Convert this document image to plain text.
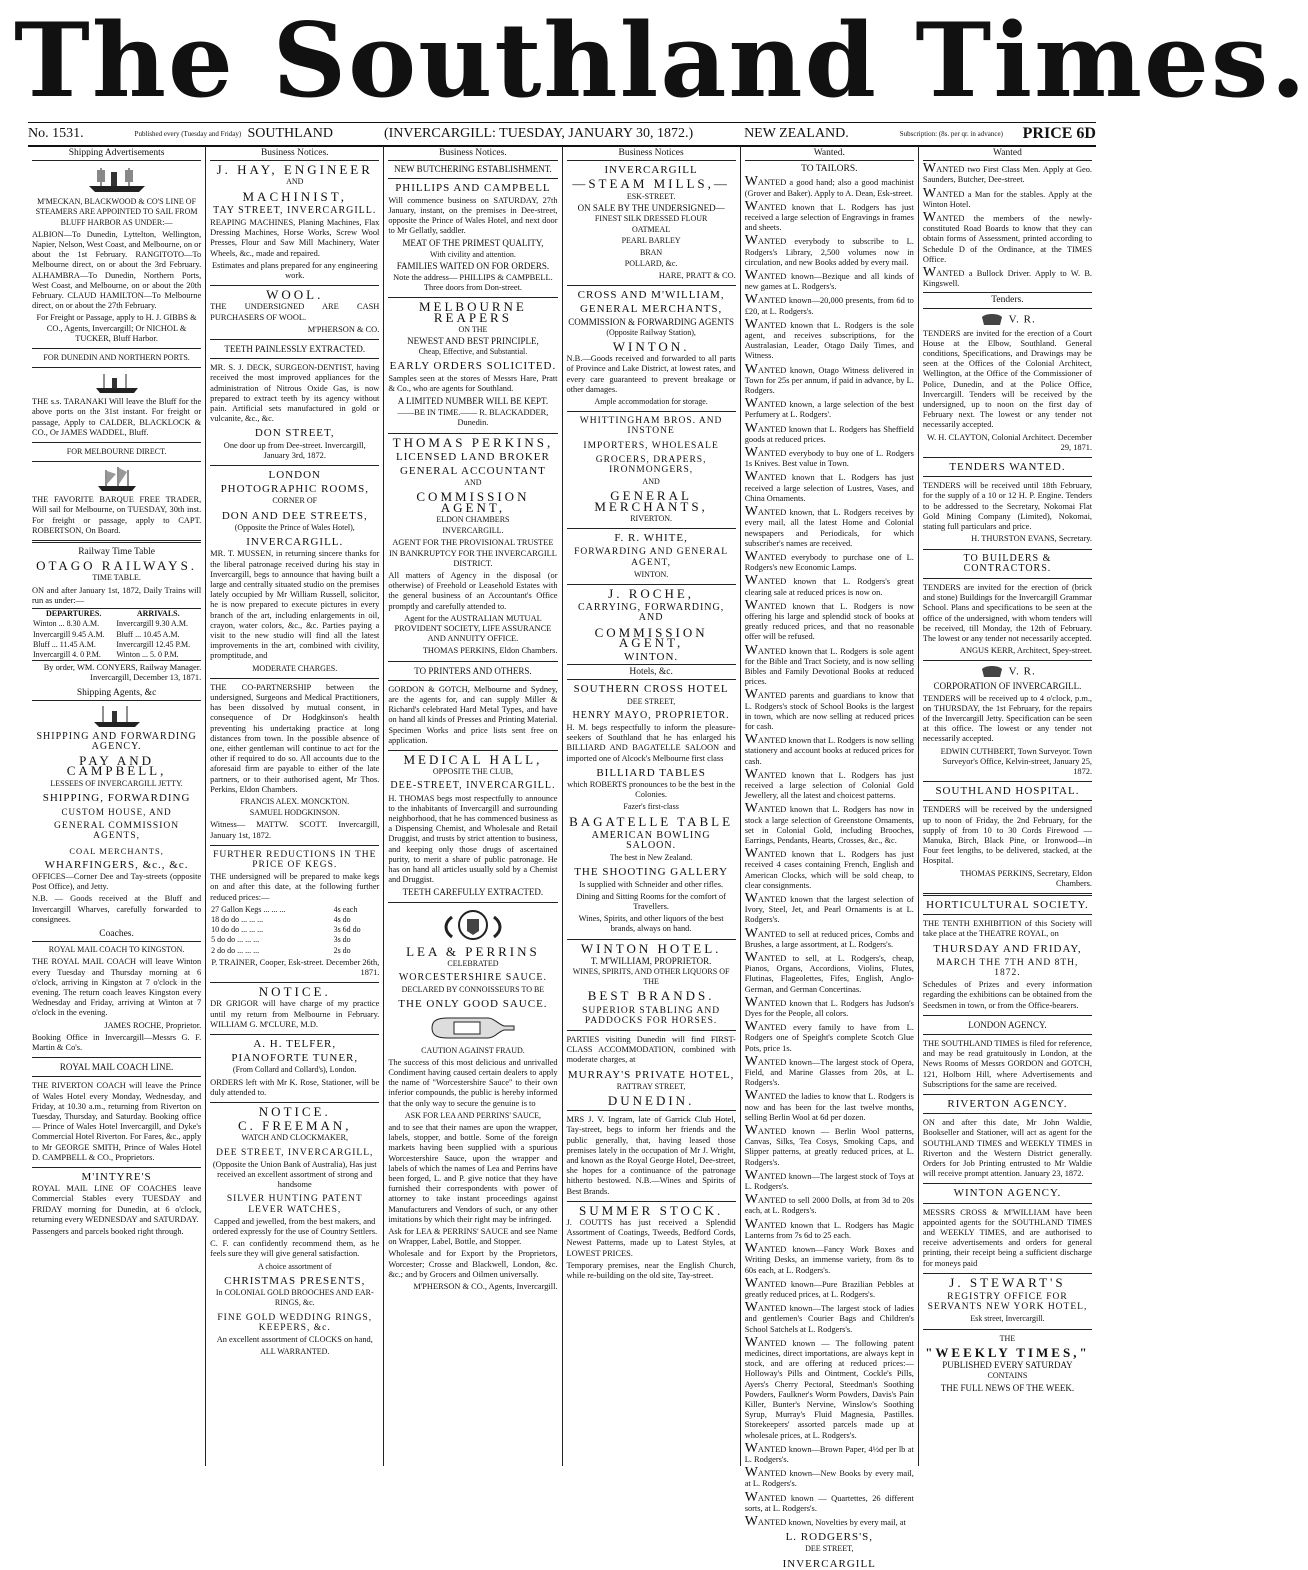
The Southland Times.
No. 1531.	Published every (Tuesday and Friday) SOUTHLAND	(INVERCARGILL: TUESDAY, JANUARY 30, 1872.)	NEW ZEALAND.	Subscription: (8s. per qr. in advance) PRICE 6D
Shipping Advertisements

M'MECKAN, BLACKWOOD & CO'S LINE OF STEAMERS ARE APPOINTED TO SAIL FROM BLUFF HARBOR AS UNDER:—

ALBION—To Dunedin, Lyttelton, Wellington, Napier, Nelson, West Coast, and Melbourne, on or about the 1st February. RANGITOTO—To Melbourne direct, on or about the 3rd February. ALHAMBRA—To Dunedin, Northern Ports, West Coast, and Melbourne, on or about the 20th February. CLAUD HAMILTON—To Melbourne direct, on or about the 27th February.

For Freight or Passage, apply to H. J. GIBBS & CO., Agents, Invercargill; Or NICHOL & TUCKER, Bluff Harbor.

FOR DUNEDIN AND NORTHERN PORTS.

THE s.s. TARANAKI Will leave the Bluff for the above ports on the 31st instant. For freight or passage, Apply to CALDER, BLACKLOCK & CO., Or JAMES WADDEL, Bluff.

FOR MELBOURNE DIRECT.

THE FAVORITE BARQUE FREE TRADER, Will sail for Melbourne, on TUESDAY, 30th inst. For freight or passage, apply to CAPT. ROBERTSON, On Board.

Railway Time Table
OTAGO RAILWAYS.
TIME TABLE.

ON and after January 1st, 1872, Daily Trains will run as under:—

DEPARTURES.	ARRIVALS.
Winton ... 8.30 A.M.	Invercargill 9.30 A.M.
Invercargill 9.45 A.M.	Bluff ... 10.45 A.M.
Bluff ... 11.45 A.M.	Invercargill 12.45 P.M.
Invercargill 4. 0 P.M.	Winton ... 5. 0 P.M.

By order, WM. CONYERS, Railway Manager. Invercargill, December 13, 1871.

Shipping Agents, &c
SHIPPING AND FORWARDING AGENCY.
PAY AND CAMPBELL,
LESSEES OF INVERCARGILL JETTY.
SHIPPING, FORWARDING
CUSTOM HOUSE, AND
GENERAL COMMISSION AGENTS,
COAL MERCHANTS,
WHARFINGERS, &c., &c.

OFFICES—Corner Dee and Tay-streets (opposite Post Office), and Jetty.

N.B. — Goods received at the Bluff and Invercargill Wharves, carefully forwarded to consignees.

Coaches.
ROYAL MAIL COACH TO KINGSTON.

THE ROYAL MAIL COACH will leave Winton every Tuesday and Thursday morning at 6 o'clock, arriving in Kingston at 7 o'clock in the evening. The return coach leaves Kingston every Wednesday and Friday, arriving at Winton at 7 o'clock in the evening.

JAMES ROCHE, Proprietor.

Booking Office in Invercargill—Messrs G. F. Martin & Co's.

ROYAL MAIL COACH LINE.

THE RIVERTON COACH will leave the Prince of Wales Hotel every Monday, Wednesday, and Friday, at 10.30 a.m., returning from Riverton on Tuesday, Thursday, and Saturday. Booking office — Prince of Wales Hotel Invercargill, and Dyke's Commercial Hotel Riverton. For Fares, &c., apply to Mr GEORGE SMITH, Prince of Wales Hotel D. CAMPBELL & CO., Proprietors.

M'INTYRE'S

ROYAL MAIL LINE OF COACHES leave Commercial Stables every TUESDAY and FRIDAY morning for Dunedin, at 6 o'clock, returning every WEDNESDAY and SATURDAY.

Passengers and parcels booked right through.

Business Notices.
J. HAY, ENGINEER
AND
MACHINIST,
TAY STREET, INVERCARGILL.

REAPING MACHINES, Planing Machines, Flax Dressing Machines, Horse Works, Screw Wool Presses, Flour and Saw Mill Machinery, Water Wheels, &c., made and repaired.

Estimates and plans prepared for any engineering work.

WOOL.

THE UNDERSIGNED ARE CASH PURCHASERS OF WOOL.

M'PHERSON & CO.

TEETH PAINLESSLY EXTRACTED.

MR. S. J. DECK, SURGEON-DENTIST, having received the most improved appliances for the administration of Nitrous Oxide Gas, is now prepared to extract teeth by its agency without pain. Artificial sets manufactured in gold or vulcanite, &c., &c.

DON STREET,

One door up from Dee-street. Invercargill, January 3rd, 1872.

LONDON
PHOTOGRAPHIC ROOMS,
CORNER OF
DON AND DEE STREETS,
(Opposite the Prince of Wales Hotel),
INVERCARGILL.

MR. T. MUSSEN, in returning sincere thanks for the liberal patronage received during his stay in Invercargill, begs to announce that having built a large and centrally situated studio on the premises lately occupied by Mr William Russell, solicitor, he is now prepared to execute pictures in every branch of the art, including enlargements in oil, crayon, water colors, &c., &c. Parties paying a visit to the new studio will find all the latest improvements in the art, combined with civility, promptitude, and

MODERATE CHARGES.

THE CO-PARTNERSHIP between the undersigned, Surgeons and Medical Practitioners, has been dissolved by mutual consent, in consequence of Dr Hodgkinson's health preventing his undertaking practice at long distances from town. In the possible absence of one, either gentleman will continue to act for the other if required to do so. All accounts due to the aforesaid firm are payable to either of the late partners, or to their authorised agent, Mr Thos. Perkins, Eldon Chambers.

FRANCIS ALEX. MONCKTON.
SAMUEL HODGKINSON.

Witness— MATTW. SCOTT. Invercargill, January 1st, 1872.

FURTHER REDUCTIONS IN THE PRICE OF KEGS.

THE undersigned will be prepared to make kegs on and after this date, at the following further reduced prices:—

27 Gallon Kegs ... ... ...	4s each
18 do do ... ... ...	4s do
10 do do ... ... ...	3s 6d do
5 do do ... ... ...	3s do
2 do do ... ... ...	2s do

P. TRAINER, Cooper, Esk-street. December 26th, 1871.

NOTICE.

DR GRIGOR will have charge of my practice until my return from Melbourne in February. WILLIAM G. M'CLURE, M.D.

A. H. TELFER,
PIANOFORTE TUNER,
(From Collard and Collard's), London.

ORDERS left with Mr K. Rose, Stationer, will be duly attended to.

NOTICE.
C. FREEMAN,
WATCH AND CLOCKMAKER,
DEE STREET, INVERCARGILL,

(Opposite the Union Bank of Australia), Has just received an excellent assortment of strong and handsome

SILVER HUNTING PATENT LEVER WATCHES,

Capped and jewelled, from the best makers, and ordered expressly for the use of Country Settlers.

C. F. can confidently recommend them, as he feels sure they will give general satisfaction.

A choice assortment of
CHRISTMAS PRESENTS,
In COLONIAL GOLD BROOCHES AND EAR-RINGS, &c.
FINE GOLD WEDDING RINGS, KEEPERS, &c.

An excellent assortment of CLOCKS on hand,

ALL WARRANTED.
Business Notices.
NEW BUTCHERING ESTABLISHMENT.
PHILLIPS AND CAMPBELL

Will commence business on SATURDAY, 27th January, instant, on the premises in Dee-street, opposite the Prince of Wales Hotel, and next door to Mr Gellatly, saddler.

MEAT OF THE PRIMEST QUALITY,
With civility and attention.
FAMILIES WAITED ON FOR ORDERS.

Note the address— PHILLIPS & CAMPBELL. Three doors from Don-street.

MELBOURNE REAPERS
ON THE
NEWEST AND BEST PRINCIPLE,
Cheap, Effective, and Substantial.
EARLY ORDERS SOLICITED.

Samples seen at the stores of Messrs Hare, Pratt & Co., who are agents for Southland.

A LIMITED NUMBER WILL BE KEPT.

——BE IN TIME.—— R. BLACKADDER, Dunedin.

THOMAS PERKINS,
LICENSED LAND BROKER
GENERAL ACCOUNTANT
AND
COMMISSION AGENT,
ELDON CHAMBERS
INVERCARGILL.

AGENT FOR THE PROVISIONAL TRUSTEE IN BANKRUPTCY FOR THE INVERCARGILL DISTRICT.

All matters of Agency in the disposal (or otherwise) of Freehold or Leasehold Estates with the general business of an Accountant's Office promptly and carefully attended to.

Agent for the AUSTRALIAN MUTUAL PROVIDENT SOCIETY, LIFE ASSURANCE AND ANNUITY OFFICE.

THOMAS PERKINS, Eldon Chambers.

TO PRINTERS AND OTHERS.

GORDON & GOTCH, Melbourne and Sydney, are the agents for, and can supply Miller & Richard's celebrated Hard Metal Types, and have on hand all kinds of Presses and Printing Material. Specimen Works and price lists sent free on application.

MEDICAL HALL,
OPPOSITE THE CLUB,
DEE-STREET, INVERCARGILL.

H. THOMAS begs most respectfully to announce to the inhabitants of Invercargill and surrounding neighborhood, that he has commenced business as a Dispensing Chemist, and Wholesale and Retail Druggist, and trusts by strict attention to business, and keeping only those drugs of ascertained purity, to merit a share of public patronage. He has on hand all articles usually sold by a Chemist and Druggist.

TEETH CAREFULLY EXTRACTED.
LEA & PERRINS
CELEBRATED
WORCESTERSHIRE SAUCE.
DECLARED BY CONNOISSEURS TO BE
THE ONLY GOOD SAUCE.
CAUTION AGAINST FRAUD.

The success of this most delicious and unrivalled Condiment having caused certain dealers to apply the name of "Worcestershire Sauce" to their own inferior compounds, the public is hereby informed that the only way to secure the genuine is to

ASK FOR LEA AND PERRINS' SAUCE,

and to see that their names are upon the wrapper, labels, stopper, and bottle. Some of the foreign markets having been supplied with a spurious Worcestershire Sauce, upon the wrapper and labels of which the names of Lea and Perrins have been forged, L. and P. give notice that they have furnished their correspondents with power of attorney to take instant proceedings against Manufacturers and Vendors of such, or any other imitations by which their right may be infringed.

Ask for LEA & PERRINS' SAUCE and see Name on Wrapper, Label, Bottle, and Stopper.

Wholesale and for Export by the Proprietors, Worcester; Crosse and Blackwell, London, &c. &c.; and by Grocers and Oilmen universally.

M'PHERSON & CO., Agents, Invercargill.

Business Notices
INVERCARGILL
—STEAM MILLS,—
ESK-STREET.
ON SALE BY THE UNDERSIGNED—
FINEST SILK DRESSED FLOUR
OATMEAL
PEARL BARLEY
BRAN
POLLARD, &c.

HARE, PRATT & CO.

CROSS AND M'WILLIAM,
GENERAL MERCHANTS,
COMMISSION & FORWARDING AGENTS
(Opposite Railway Station),
WINTON.

N.B.—Goods received and forwarded to all parts of Province and Lake District, at lowest rates, and every care guaranteed to prevent breakage or other damages.

Ample accommodation for storage.
WHITTINGHAM BROS. AND INSTONE
IMPORTERS, WHOLESALE
GROCERS, DRAPERS, IRONMONGERS,
AND
GENERAL MERCHANTS,
RIVERTON.
F. R. WHITE,
FORWARDING AND GENERAL AGENT,
WINTON.
J. ROCHE,
CARRYING, FORWARDING, AND
COMMISSION AGENT,
WINTON.
Hotels, &c.
SOUTHERN CROSS HOTEL
DEE STREET,
HENRY MAYO, PROPRIETOR.

H. M. begs respectfully to inform the pleasure-seekers of Southland that he has enlarged his BILLIARD AND BAGATELLE SALOON and imported one of Alcock's Melbourne first class

BILLIARD TABLES

which ROBERTS pronounces to be the best in the Colonies.

Fazer's first-class
BAGATELLE TABLE
AMERICAN BOWLING SALOON.
The best in New Zealand.
THE SHOOTING GALLERY

Is supplied with Schneider and other rifles.

Dining and Sitting Rooms for the comfort of Travellers.

Wines, Spirits, and other liquors of the best brands, always on hand.

WINTON HOTEL.
T. M'WILLIAM, PROPRIETOR.
WINES, SPIRITS, AND OTHER LIQUORS OF THE
BEST BRANDS.
SUPERIOR STABLING AND PADDOCKS FOR HORSES.

PARTIES visiting Dunedin will find FIRST-CLASS ACCOMMODATION, combined with moderate charges, at

MURRAY'S PRIVATE HOTEL,
RATTRAY STREET,
DUNEDIN.

MRS J. V. Ingram, late of Garrick Club Hotel, Tay-street, begs to inform her friends and the public generally, that, having leased those premises lately in the occupation of Mr J. Wright, and known as the Royal George Hotel, Dee-street, she hopes for a continuance of the patronage hitherto bestowed. N.B.—Wines and Spirits of Best Brands.

SUMMER STOCK.

J. COUTTS has just received a Splendid Assortment of Coatings, Tweeds, Bedford Cords, Newest Patterns, made up to Latest Styles, at LOWEST PRICES.

Temporary premises, near the English Church, while re-building on the old site, Tay-street.

Wanted.
TO TAILORS.

WANTED a good hand; also a good machinist (Grover and Baker). Apply to A. Dean, Esk-street.

WANTED known that L. Rodgers has just received a large selection of Engravings in frames and sheets.

WANTED everybody to subscribe to L. Rodgers's Library, 2,500 volumes now in circulation, and new Books added by every mail.

WANTED known—Bezique and all kinds of new games at L. Rodgers's.

WANTED known—20,000 presents, from 6d to £20, at L. Rodgers's.

WANTED known that L. Rodgers is the sole agent, and receives subscriptions, for the Australasian, Leader, Otago Daily Times, and Witness.

WANTED known, Otago Witness delivered in Town for 25s per annum, if paid in advance, by L. Rodgers.

WANTED known, a large selection of the best Perfumery at L. Rodgers'.

WANTED known that L. Rodgers has Sheffield goods at reduced prices.

WANTED everybody to buy one of L. Rodgers 1s Knives. Best value in Town.

WANTED known that L. Rodgers has just received a large selection of Lustres, Vases, and China Ornaments.

WANTED known, that L. Rodgers receives by every mail, all the latest Home and Colonial newspapers and Periodicals, for which subscriber's names are received.

WANTED everybody to purchase one of L. Rodgers's new Economic Lamps.

WANTED known that L. Rodgers's great clearing sale at reduced prices is now on.

WANTED known that L. Rodgers is now offering his large and splendid stock of books at greatly reduced prices, and that no reasonable offer will be refused.

WANTED known that L. Rodgers is sole agent for the Bible and Tract Society, and is now selling Bibles and Family Devotional Books at reduced prices.

WANTED parents and guardians to know that L. Rodgers's stock of School Books is the largest in town, which are now selling at reduced prices for cash.

WANTED known that L. Rodgers is now selling stationery and account books at reduced prices for cash.

WANTED known that L. Rodgers has just received a large selection of Colonial Gold Jewellery, all the latest and choicest patterns.

WANTED known that L. Rodgers has now in stock a large selection of Greenstone Ornaments, set in Colonial Gold, including Brooches, Earrings, Pendants, Hearts, Crosses, &c., &c.

WANTED known that L. Rodgers has just received 4 cases containing French, English and American Clocks, which will be sold cheap, to clear consignments.

WANTED known that the largest selection of Ivory, Steel, Jet, and Pearl Ornaments is at L. Rodgers's.

WANTED to sell at reduced prices, Combs and Brushes, a large assortment, at L. Rodgers's.

WANTED to sell, at L. Rodgers's, cheap, Pianos, Organs, Accordions, Violins, Flutes, Flutinas, Flageolettes, Fifes, English, Anglo-German, and German Concertinas.

WANTED known that L. Rodgers has Judson's Dyes for the People, all colors.

WANTED every family to have from L. Rodgers one of Speight's complete Scotch Glue Pots, price 1s.

WANTED known—The largest stock of Opera, Field, and Marine Glasses from 20s, at L. Rodgers's.

WANTED the ladies to know that L. Rodgers is now and has been for the last twelve months, selling Berlin Wool at 6d per dozen.

WANTED known — Berlin Wool patterns, Canvas, Silks, Tea Cosys, Smoking Caps, and Slipper patterns, at greatly reduced prices, at L. Rodgers's.

WANTED known—The largest stock of Toys at L. Rodgers's.

WANTED to sell 2000 Dolls, at from 3d to 20s each, at L. Rodgers's.

WANTED known that L. Rodgers has Magic Lanterns from 7s 6d to 25 each.

WANTED known—Fancy Work Boxes and Writing Desks, an immense variety, from 8s to 60s each, at L. Rodgers's.

WANTED known—Pure Brazilian Pebbles at greatly reduced prices, at L. Rodgers's.

WANTED known—The largest stock of ladies and gentlemen's Courier Bags and Children's School Satchels at L. Rodgers's.

WANTED known — The following patent medicines, direct importations, are always kept in stock, and are offering at reduced prices:—Holloway's Pills and Ointment, Cockle's Pills, Ayers's Cherry Pectoral, Steedman's Soothing Powders, Faulkner's Worm Powders, Davis's Pain Killer, Bunter's Nervine, Winslow's Soothing Syrup, Murray's Fluid Magnesia, Pastilles. Storekeepers' assorted parcels made up at wholesale prices, at L. Rodgers's.

WANTED known—Brown Paper, 4½d per lb at L. Rodgers's.

WANTED known—New Books by every mail, at L. Rodgers's.

WANTED known — Quartettes, 26 different sorts, at L. Rodgers's.

WANTED known, Novelties by every mail, at

L. RODGERS'S,
DEE STREET,
INVERCARGILL
Wanted

WANTED two First Class Men. Apply at Geo. Saunders, Butcher, Dee-street.

WANTED a Man for the stables. Apply at the Winton Hotel.

WANTED the members of the newly-constituted Road Boards to know that they can obtain forms of Assessment, printed according to Schedule D of the Ordinance, at the TIMES Office.

WANTED a Bullock Driver. Apply to W. B. Kingswell.

Tenders.
V. R.

TENDERS are invited for the erection of a Court House at the Elbow, Southland. General conditions, Specifications, and Drawings may be seen at the Offices of the Colonial Architect, Wellington, at the Office of the Commissioner of Police, Dunedin, and at the Police Office, Invercargill. Tenders will be received by the undersigned, up to noon on the first day of February next. The lowest or any tender not necessarily accepted.

W. H. CLAYTON, Colonial Architect. December 29, 1871.

TENDERS WANTED.

TENDERS will be received until 18th February, for the supply of a 10 or 12 H. P. Engine. Tenders to be addressed to the Secretary, Nokomai Flat Gold Mining Company (Limited), Nokomai, stating full particulars and price.

H. THURSTON EVANS, Secretary.

TO BUILDERS & CONTRACTORS.

TENDERS are invited for the erection of (brick and stone) Buildings for the Invercargill Grammar School. Plans and specifications to be seen at the office of the undersigned, with whom tenders will be received, till Monday, the 12th of February. The lowest or any tender not necessarily accepted.

ANGUS KERR, Architect, Spey-street.

V. R.
CORPORATION OF INVERCARGILL.

TENDERS will be received up to 4 o'clock, p.m., on THURSDAY, the 1st February, for the repairs of the Invercargill Jetty. Specification can be seen at this office. The lowest or any tender not necessarily accepted.

EDWIN CUTHBERT, Town Surveyor. Town Surveyor's Office, Kelvin-street, January 25, 1872.

SOUTHLAND HOSPITAL.

TENDERS will be received by the undersigned up to noon of Friday, the 2nd February, for the supply of from 10 to 30 Cords Firewood —Manuka, Birch, Black Pine, or Ironwood—in Four feet lengths, to be delivered, stacked, at the Hospital.

THOMAS PERKINS, Secretary, Eldon Chambers.

HORTICULTURAL SOCIETY.

THE TENTH EXHIBITION of this Society will take place at the THEATRE ROYAL, on

THURSDAY AND FRIDAY,
MARCH THE 7TH AND 8TH, 1872.

Schedules of Prizes and every information regarding the exhibitions can be obtained from the Seedsmen in town, or from the Office-bearers.

LONDON AGENCY.

THE SOUTHLAND TIMES is filed for reference, and may be read gratuitously in London, at the News Rooms of Messrs GORDON and GOTCH, 121, Holborn Hill, where Advertisements and Subscriptions for the same are received.

RIVERTON AGENCY.

ON and after this date, Mr John Waldie, Bookseller and Stationer, will act as agent for the SOUTHLAND TIMES and WEEKLY TIMES in Riverton and the Western District generally. Orders for Job Printing entrusted to Mr Waldie will receive prompt attention. January 23, 1872.

WINTON AGENCY.

MESSRS CROSS & M'WILLIAM have been appointed agents for the SOUTHLAND TIMES and WEEKLY TIMES, and are authorised to receive advertisements and orders for general printing, their receipt being a sufficient discharge for moneys paid

J. STEWART'S
REGISTRY OFFICE FOR SERVANTS NEW YORK HOTEL,
Esk street, Invercargill.
THE
"WEEKLY TIMES,"
PUBLISHED EVERY SATURDAY
CONTAINS
THE FULL NEWS OF THE WEEK.
